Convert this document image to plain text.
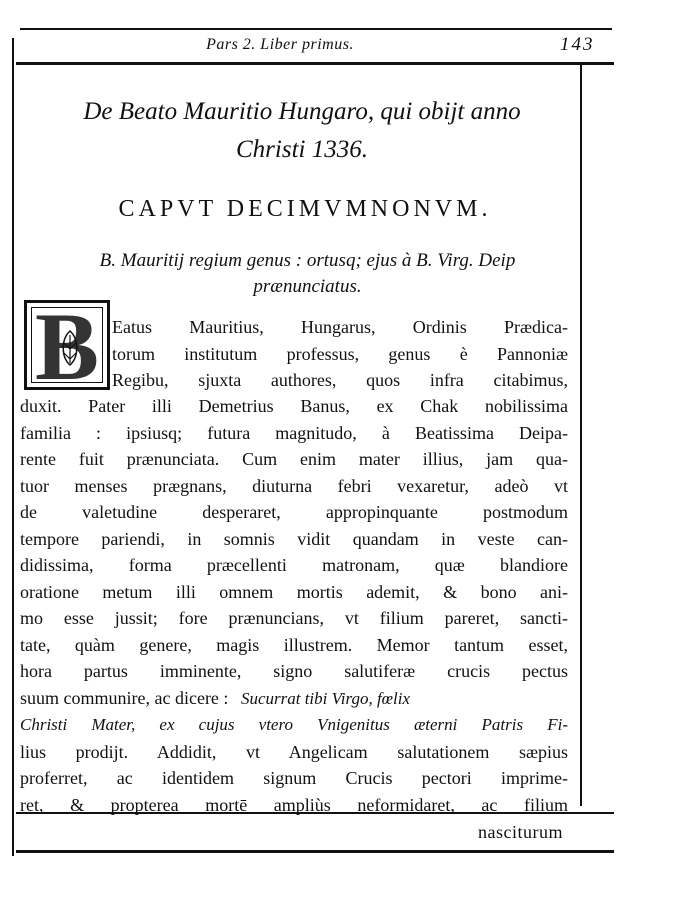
Pars 2. Liber primus.	143
De Beato Mauritio Hungaro, qui obijt anno
Christi 1336.
CAPVT DECIMVMNONVM.
B. Mauritij regium genus : ortusq; ejus à B. Virg. Deip
prænunciatus.
B Eatus Mauritius, Hungarus, Ordinis Prædica-
torum institutum professus, genus è Pannoniæ
Regibu, sjuxta authores, quos infra citabimus,
duxit. Pater illi Demetrius Banus, ex Chak nobilissima
familia : ipsiusq; futura magnitudo, à Beatissima Deipa-
rente fuit prænunciata. Cum enim mater illius, jam qua-
tuor menses prægnans, diuturna febri vexaretur, adeò vt
de valetudine desperaret, appropinquante postmodum
tempore pariendi, in somnis vidit quandam in veste can-
didissima, forma præcellenti matronam, quæ blandiore
oratione metum illi omnem mortis ademit, & bono ani-
mo esse jussit; fore prænuncians, vt filium pareret, sancti-
tate, quàm genere, magis illustrem. Memor tantum esset,
hora partus imminente, signo salutiferæ crucis pectus
suum communire, ac dicere : Sucurrat tibi Virgo, fœlix
Christi Mater, ex cujus vtero Vnigenitus æterni Patris Fi-
lius prodijt. Addidit, vt Angelicam salutationem sæpius
proferret, ac identidem signum Crucis pectori imprime-
ret, & propterea mortē ampliùs neformidaret, ac filium
nasciturum
